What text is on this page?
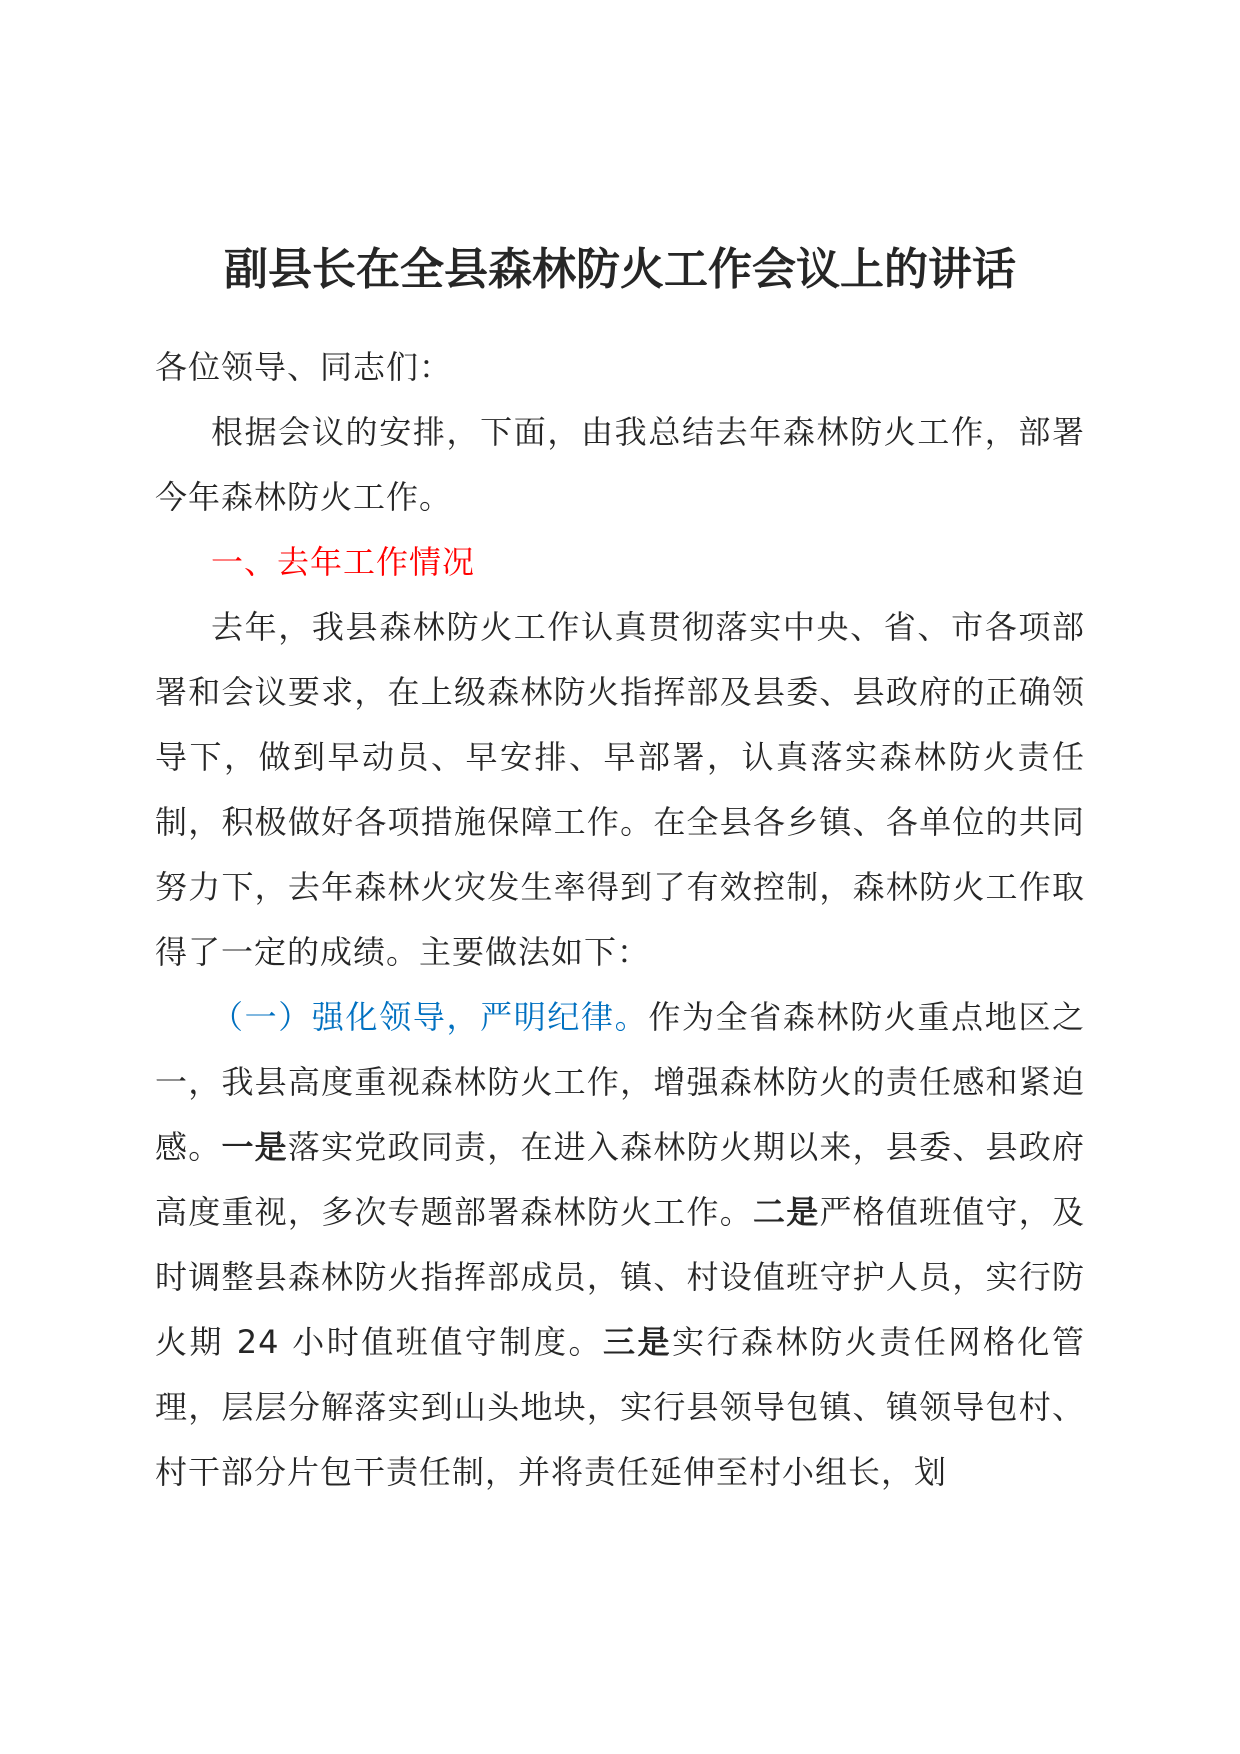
副县长在全县森林防火工作会议上的讲话

各位领导、同志们：

根据会议的安排，下面，由我总结去年森林防火工作，部署今年森林防火工作。

一、去年工作情况

去年，我县森林防火工作认真贯彻落实中央、省、市各项部署和会议要求，在上级森林防火指挥部及县委、县政府的正确领导下，做到早动员、早安排、早部署，认真落实森林防火责任制，积极做好各项措施保障工作。在全县各乡镇、各单位的共同努力下，去年森林火灾发生率得到了有效控制，森林防火工作取得了一定的成绩。主要做法如下：

（一）强化领导，严明纪律。作为全省森林防火重点地区之一，我县高度重视森林防火工作，增强森林防火的责任感和紧迫感。一是落实党政同责，在进入森林防火期以来，县委、县政府高度重视，多次专题部署森林防火工作。二是严格值班值守，及时调整县森林防火指挥部成员，镇、村设值班守护人员，实行防火期 24 小时值班值守制度。三是实行森林防火责任网格化管理，层层分解落实到山头地块，实行县领导包镇、镇领导包村、村干部分片包干责任制，并将责任延伸至村小组长，划
